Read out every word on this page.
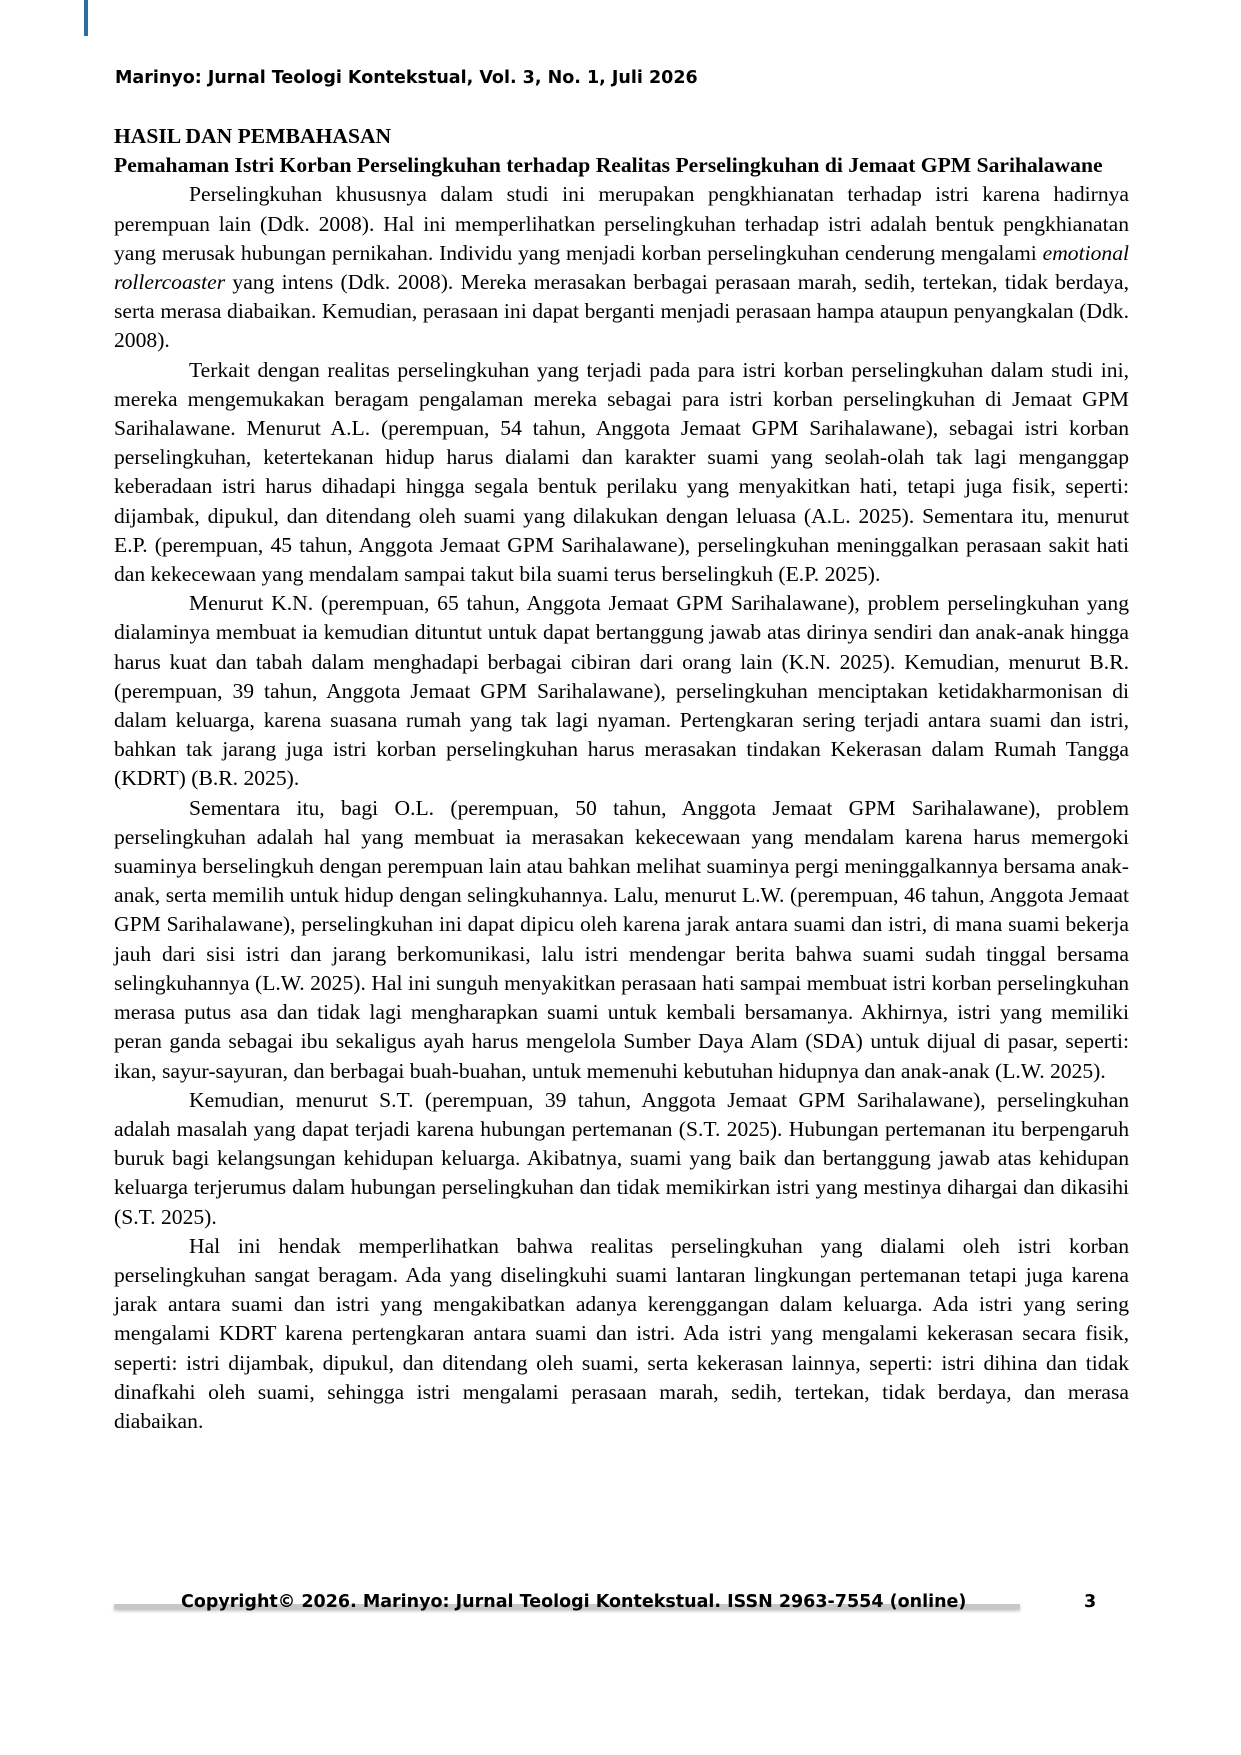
Marinyo: Jurnal Teologi Kontekstual, Vol. 3, No. 1, Juli 2026
HASIL DAN PEMBAHASAN
Pemahaman Istri Korban Perselingkuhan terhadap Realitas Perselingkuhan di Jemaat GPM Sarihalawane

Perselingkuhan khususnya dalam studi ini merupakan pengkhianatan terhadap istri karena hadirnya perempuan lain (Ddk. 2008). Hal ini memperlihatkan perselingkuhan terhadap istri adalah bentuk pengkhianatan yang merusak hubungan pernikahan. Individu yang menjadi korban perselingkuhan cenderung mengalami emotional rollercoaster yang intens (Ddk. 2008). Mereka merasakan berbagai perasaan marah, sedih, tertekan, tidak berdaya, serta merasa diabaikan. Kemudian, perasaan ini dapat berganti menjadi perasaan hampa ataupun penyangkalan (Ddk. 2008).

Terkait dengan realitas perselingkuhan yang terjadi pada para istri korban perselingkuhan dalam studi ini, mereka mengemukakan beragam pengalaman mereka sebagai para istri korban perselingkuhan di Jemaat GPM Sarihalawane. Menurut A.L. (perempuan, 54 tahun, Anggota Jemaat GPM Sarihalawane), sebagai istri korban perselingkuhan, ketertekanan hidup harus dialami dan karakter suami yang seolah-olah tak lagi menganggap keberadaan istri harus dihadapi hingga segala bentuk perilaku yang menyakitkan hati, tetapi juga fisik, seperti: dijambak, dipukul, dan ditendang oleh suami yang dilakukan dengan leluasa (A.L. 2025). Sementara itu, menurut E.P. (perempuan, 45 tahun, Anggota Jemaat GPM Sarihalawane), perselingkuhan meninggalkan perasaan sakit hati dan kekecewaan yang mendalam sampai takut bila suami terus berselingkuh (E.P. 2025).

Menurut K.N. (perempuan, 65 tahun, Anggota Jemaat GPM Sarihalawane), problem perselingkuhan yang dialaminya membuat ia kemudian dituntut untuk dapat bertanggung jawab atas dirinya sendiri dan anak-anak hingga harus kuat dan tabah dalam menghadapi berbagai cibiran dari orang lain (K.N. 2025). Kemudian, menurut B.R. (perempuan, 39 tahun, Anggota Jemaat GPM Sarihalawane), perselingkuhan menciptakan ketidakharmonisan di dalam keluarga, karena suasana rumah yang tak lagi nyaman. Pertengkaran sering terjadi antara suami dan istri, bahkan tak jarang juga istri korban perselingkuhan harus merasakan tindakan Kekerasan dalam Rumah Tangga (KDRT) (B.R. 2025).

Sementara itu, bagi O.L. (perempuan, 50 tahun, Anggota Jemaat GPM Sarihalawane), problem perselingkuhan adalah hal yang membuat ia merasakan kekecewaan yang mendalam karena harus memergoki suaminya berselingkuh dengan perempuan lain atau bahkan melihat suaminya pergi meninggalkannya bersama anak-anak, serta memilih untuk hidup dengan selingkuhannya. Lalu, menurut L.W. (perempuan, 46 tahun, Anggota Jemaat GPM Sarihalawane), perselingkuhan ini dapat dipicu oleh karena jarak antara suami dan istri, di mana suami bekerja jauh dari sisi istri dan jarang berkomunikasi, lalu istri mendengar berita bahwa suami sudah tinggal bersama selingkuhannya (L.W. 2025). Hal ini sunguh menyakitkan perasaan hati sampai membuat istri korban perselingkuhan merasa putus asa dan tidak lagi mengharapkan suami untuk kembali bersamanya. Akhirnya, istri yang memiliki peran ganda sebagai ibu sekaligus ayah harus mengelola Sumber Daya Alam (SDA) untuk dijual di pasar, seperti: ikan, sayur-sayuran, dan berbagai buah-buahan, untuk memenuhi kebutuhan hidupnya dan anak-anak (L.W. 2025).

Kemudian, menurut S.T. (perempuan, 39 tahun, Anggota Jemaat GPM Sarihalawane), perselingkuhan adalah masalah yang dapat terjadi karena hubungan pertemanan (S.T. 2025). Hubungan pertemanan itu berpengaruh buruk bagi kelangsungan kehidupan keluarga. Akibatnya, suami yang baik dan bertanggung jawab atas kehidupan keluarga terjerumus dalam hubungan perselingkuhan dan tidak memikirkan istri yang mestinya dihargai dan dikasihi (S.T. 2025).

Hal ini hendak memperlihatkan bahwa realitas perselingkuhan yang dialami oleh istri korban perselingkuhan sangat beragam. Ada yang diselingkuhi suami lantaran lingkungan pertemanan tetapi juga karena jarak antara suami dan istri yang mengakibatkan adanya kerenggangan dalam keluarga. Ada istri yang sering mengalami KDRT karena pertengkaran antara suami dan istri. Ada istri yang mengalami kekerasan secara fisik, seperti: istri dijambak, dipukul, dan ditendang oleh suami, serta kekerasan lainnya, seperti: istri dihina dan tidak dinafkahi oleh suami, sehingga istri mengalami perasaan marah, sedih, tertekan, tidak berdaya, dan merasa diabaikan.

Copyright© 2026. Marinyo: Jurnal Teologi Kontekstual. ISSN 2963-7554 (online)	3
